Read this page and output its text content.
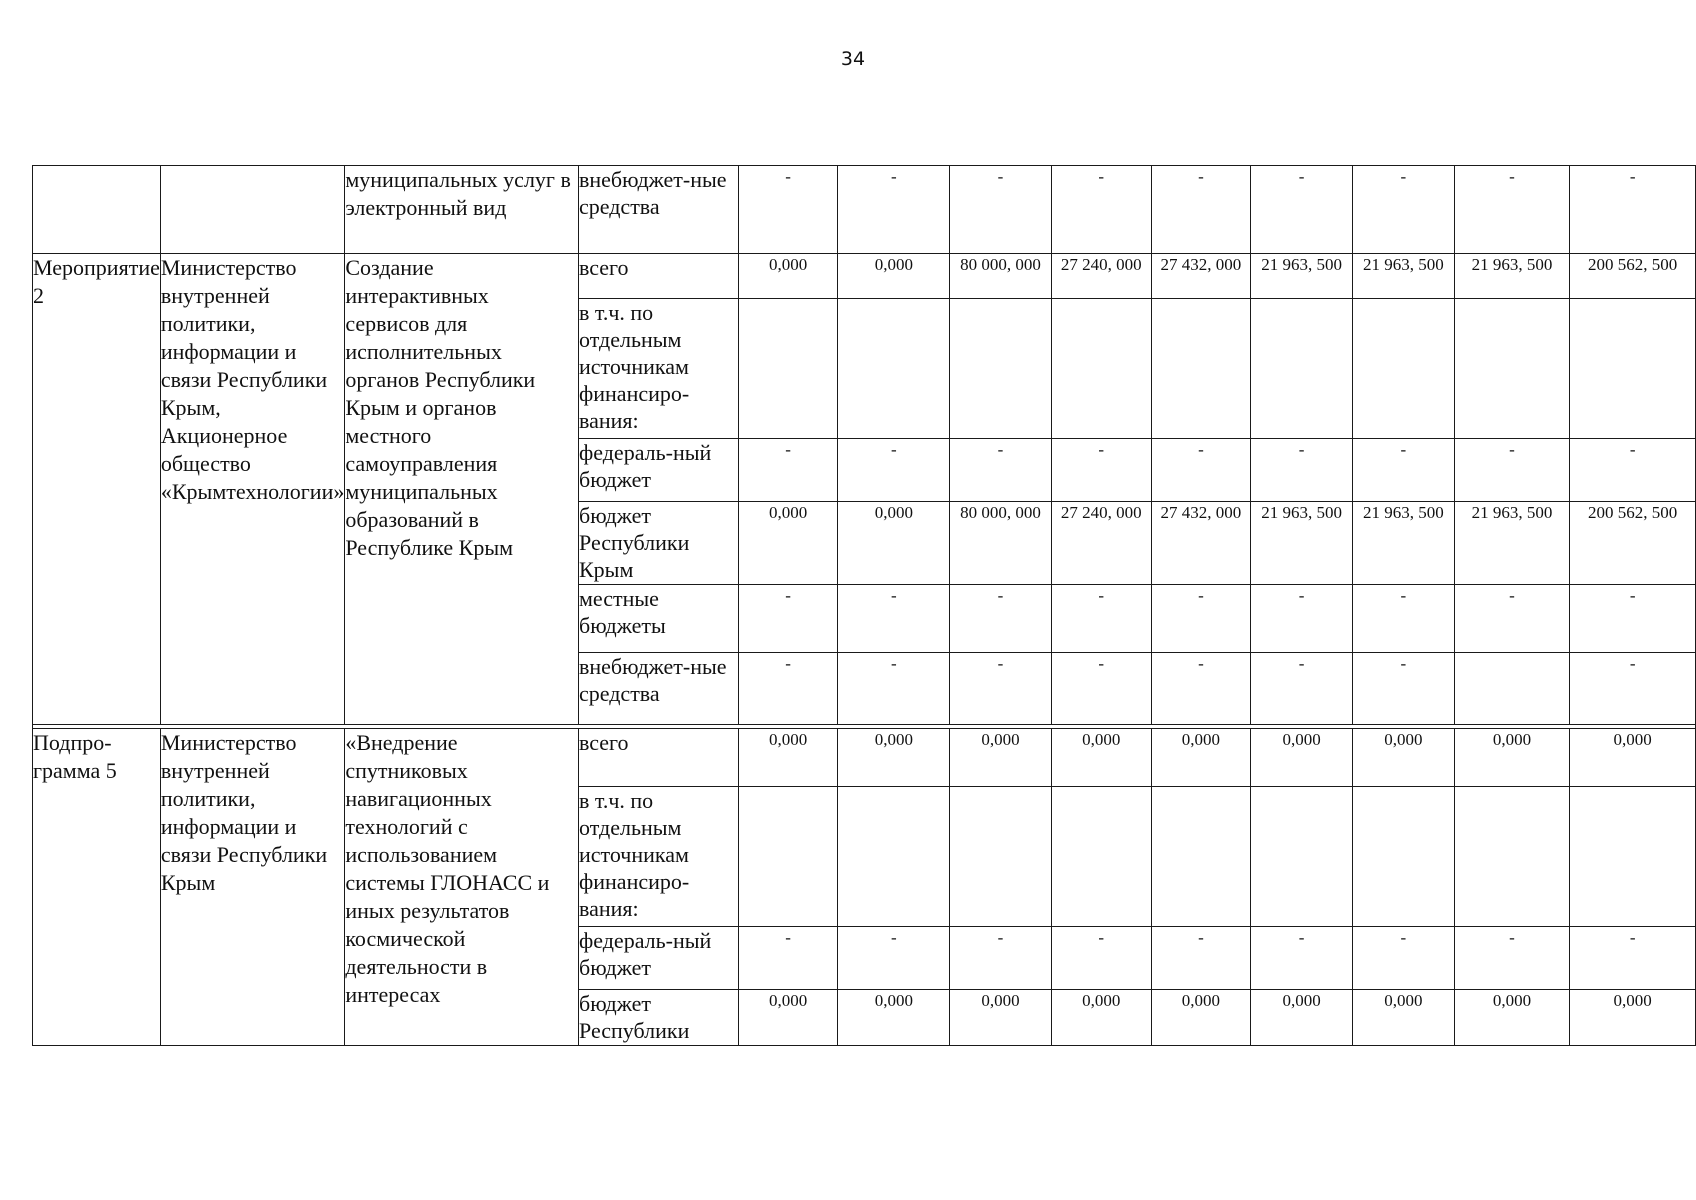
34
		муниципальных услуг в электронный вид	внебюджет-ные средства	-	-	-	-	-	-	-	-	-
Мероприятие 2	Министерство внутренней политики, информации и связи Республики Крым, Акционерное общество «Крымтехнологии»	Создание интерактивных сервисов для исполнительных органов Республики Крым и органов местного самоуправления муниципальных образований в Республике Крым	всего	0,000	0,000	80 000, 000	27 240, 000	27 432, 000	21 963, 500	21 963, 500	21 963, 500	200 562, 500
			в т.ч. по отдельным источникам финансиро-вания:									
			федераль-ный бюджет	-	-	-	-	-	-	-	-	-
			бюджет Республики Крым	0,000	0,000	80 000, 000	27 240, 000	27 432, 000	21 963, 500	21 963, 500	21 963, 500	200 562, 500
			местные бюджеты	-	-	-	-	-	-	-	-	-
			внебюджет-ные средства	-	-	-	-	-	-	-		-

Подпро-грамма 5	Министерство внутренней политики, информации и связи Республики Крым	«Внедрение спутниковых навигационных технологий с использованием системы ГЛОНАСС и иных результатов космической деятельности в интересах	всего	0,000	0,000	0,000	0,000	0,000	0,000	0,000	0,000	0,000
			в т.ч. по отдельным источникам финансиро-вания:									
			федераль-ный бюджет	-	-	-	-	-	-	-	-	-
			бюджет Республики	0,000	0,000	0,000	0,000	0,000	0,000	0,000	0,000	0,000
